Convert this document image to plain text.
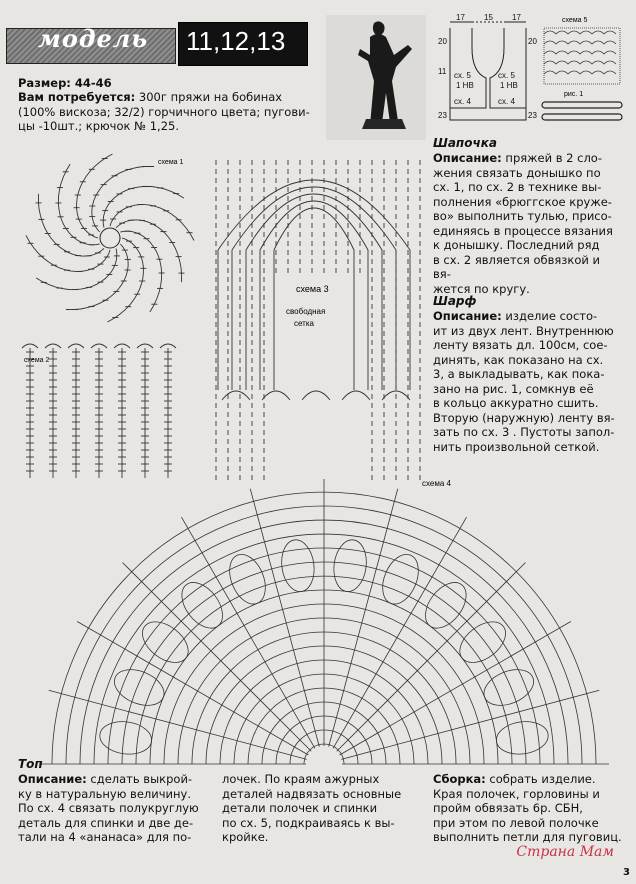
модель 11,12,13
Размер: 44-46
Вам потребуется: 300г пряжи на бобинах
(100% вискоза; 32/2) горчичного цвета; пугови-
цы -10шт.; крючок № 1,25.
17 15 17
20	20
11
23	23
сх. 5	сх. 5
1 НВ	1 НВ
сх. 4	сх. 4
схема 5
рис. 1
Шапочка
Описание: пряжей в 2 сло-
жения связать донышко по
сх. 1, по сх. 2 в технике вы-
полнения «брюггское круже-
во» выполнить тулью, присо-
единяясь в процессе вязания
к донышку. Последний ряд
в сх. 2 является обвязкой и вя-
жется по кругу.
Шарф
Описание: изделие состо-
ит из двух лент. Внутреннюю
ленту вязать дл. 100см, сое-
динять, как показано на сх.
3, а выкладывать, как пока-
зано на рис. 1, сомкнув её
в кольцо аккуратно сшить.
Вторую (наружную) ленту вя-
зать по сх. 3 . Пустоты запол-
нить произвольной сеткой.
схема 1
схема 2
схема 3
свободная
сетка
схема 4
Топ
Описание: сделать выкрой-
ку в натуральную величину.
По сх. 4 связать полукруглую
деталь для спинки и две де-
тали на 4 «ананаса» для по-
лочек. По краям ажурных
деталей надвязать основные
детали полочек и спинки
по сх. 5, подкраиваясь к вы-
кройке.
Сборка: собрать изделие.
Края полочек, горловины и
пройм обвязать 6р. СБН,
при этом по левой полочке
выполнить петли для пуговиц.
Страна Мам
3
